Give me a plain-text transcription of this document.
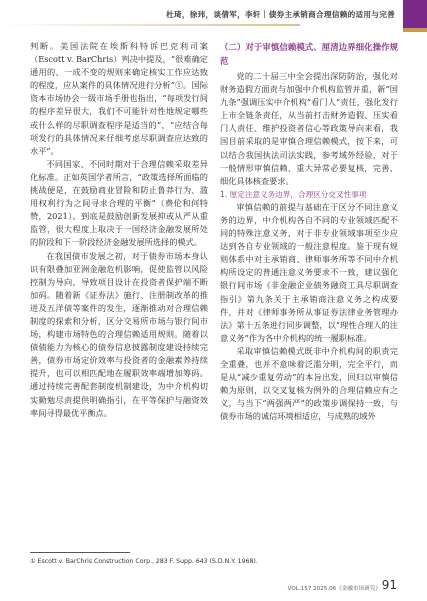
杜琦，徐玮，谈倩军，李轩｜债券主承销商合理信赖的适用与完善

判断。美国法院在埃斯科特诉巴克利司案（Escott v. BarChris）判决中提及，“很难确定通用的、一成不变的规则来确定核实工作应达致的程度，应从案件的具体情况进行分析”①。国际资本市场协会一级市场手册也指出，“每项发行间的程序差异很大，我们不可能针对性地规定哪些或什么样的尽职调查程序是适当的”，“应结合每项发行的具体情况来仔细考虑尽职调查应达致的水平”。

不同国家、不同时期对于合理信赖采取差异化标准。正如英国学者所言，“政策选择所面临的挑战便是，在鼓励商业冒险和防止鲁莽行为、滥用权利行为之间寻求合理的平衡”（费伦和何特赞，2021）。到底是鼓励创新发展抑或从严从重监管，很大程度上取决于一国经济金融发展所处的阶段和下一阶段经济金融发展所选择的模式。

在我国债市发展之初，对于债券市场本身认识有限叠加亚洲金融危机影响，促使监管以风险控制为导向，导致项目设计在投资者保护端不断加码。随着新《证券法》施行、注册制改革的推进及五洋债等案件的发生，逐渐推动对合理信赖制度的探索和分析，区分交易所市场与银行间市场，构建市场特色的合理信赖适用规则。随着以债债能力为核心的债券信息披露制度建设持续完善，债券市场定价效率与投资者的金融素养持续提升，也可以相匹配地在履职效率端增加筹码。通过持续完善配套制度机制建设，为中介机构切实勤勉尽责提供明确指引，在平等保护与融资效率间寻得最优平衡点。

（二）对于审慎信赖模式、厘清边界细化操作规范

党的二十届三中全会提出深防防治，强化对财务造假方面责与加强中介机构监管并重，新“国九条”强调压实中介机构“看门人”责任，强化发行上市全链条责任，从当前打击财务造假、压实看门人责任、维护投资者信心等政策导向来看，我国目前采取的是审慎合理信赖模式，按下来，可以结合我国执法司法实践，参考域外经验，对于一般情形审慎信赖、重大异常必要复核，完善、细化具体核查要求。

1. 厘定注意义务边界，合理区分交叉性事项

审慎信赖的前提与基础在于区分不同注意义务的边界，中介机构各自不同的专业领域匹配不同的特殊注意义务，对于非专业领域事项至少应达到各自专业领域的一般注意程度。鉴于现有规则体系中对主承销商、律师事务所等不同中介机构所设定的普通注意义务要求不一致，建议强化银行间市场《非金融企业债务融资工具尽职调查指引》第九条关于主承销商注意义务之构成要件，并对《律师事务所从事证券法律业务管理办法》第十五条进行同步调整，以“理性合理人的注意义务”作为各中介机构的统一履职标准。

采取审慎信赖模式既非中介机构间的职责完全重叠，也并不意味着泛滥分明，完全平行，而是从“减少重复劳动”的本旨出发，回归以审慎信赖为原则，以交叉复核为例外的合理信赖应有之义，与当下“两强两严”的政策步调保持一致，与债券市场的诚信环境相适应，与成熟的域外

① Escott v. BarChris Construction Corp., 283 F. Supp. 643 (S.D.N.Y. 1968).
VOL.157 2025.06《金融市场研究》 91
